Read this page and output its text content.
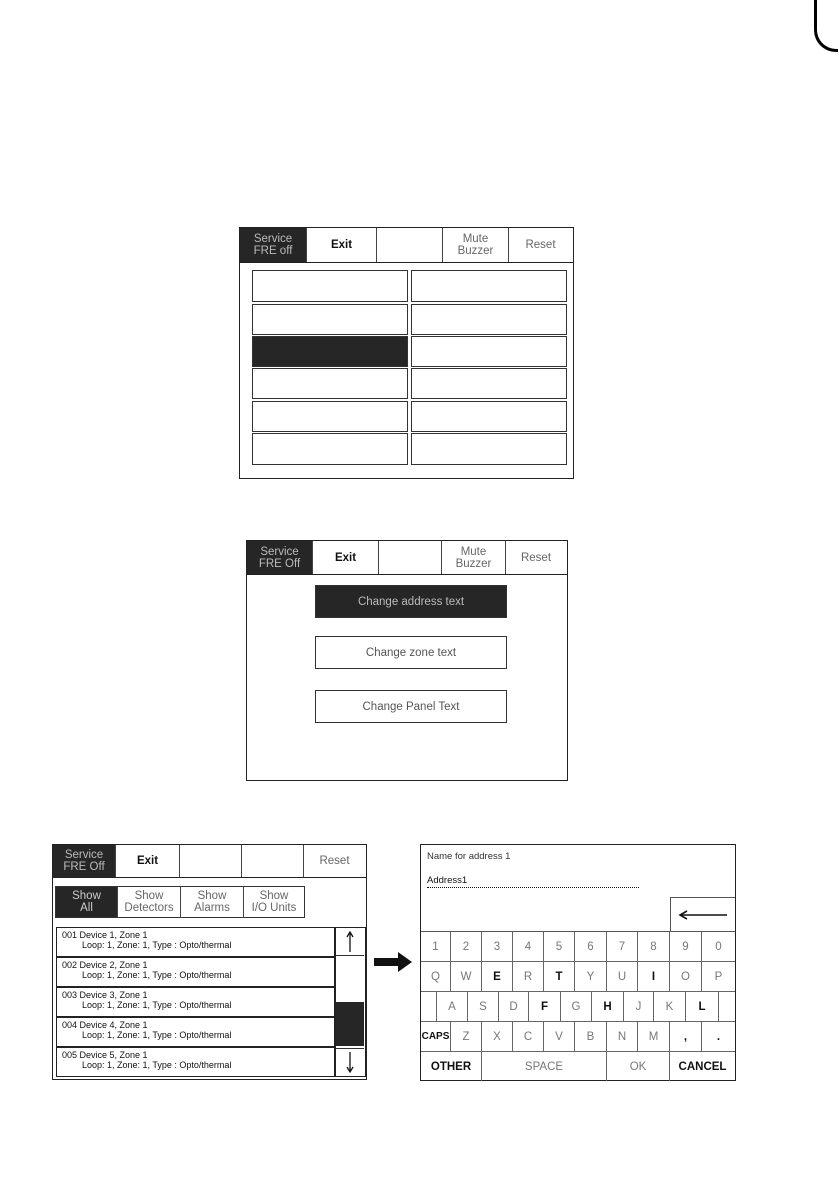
Service
FRE off	Exit	Mute
Buzzer	Reset
Service
FRE Off	Exit	Mute
Buzzer	Reset
Change address text
Change zone text
Change Panel Text
Service
FRE Off	Exit	Reset
Show
All
Show
Detectors
Show
Alarms
Show
I/O Units
001 Device 1, Zone 1
Loop: 1, Zone: 1, Type : Opto/thermal
002 Device 2, Zone 1
Loop: 1, Zone: 1, Type : Opto/thermal
003 Device 3, Zone 1
Loop: 1, Zone: 1, Type : Opto/thermal
004 Device 4, Zone 1
Loop: 1, Zone: 1, Type : Opto/thermal
005 Device 5, Zone 1
Loop: 1, Zone: 1, Type : Opto/thermal
Name for address 1
Address1
1	2	3	4	5	6	7	8	9	0
Q	W	E	R	T	Y	U	I	O	P
A	S	D	F	G	H	J	K	L
CAPS	Z	X	C	V	B	N	M	,	.
OTHER	SPACE	OK	CANCEL
